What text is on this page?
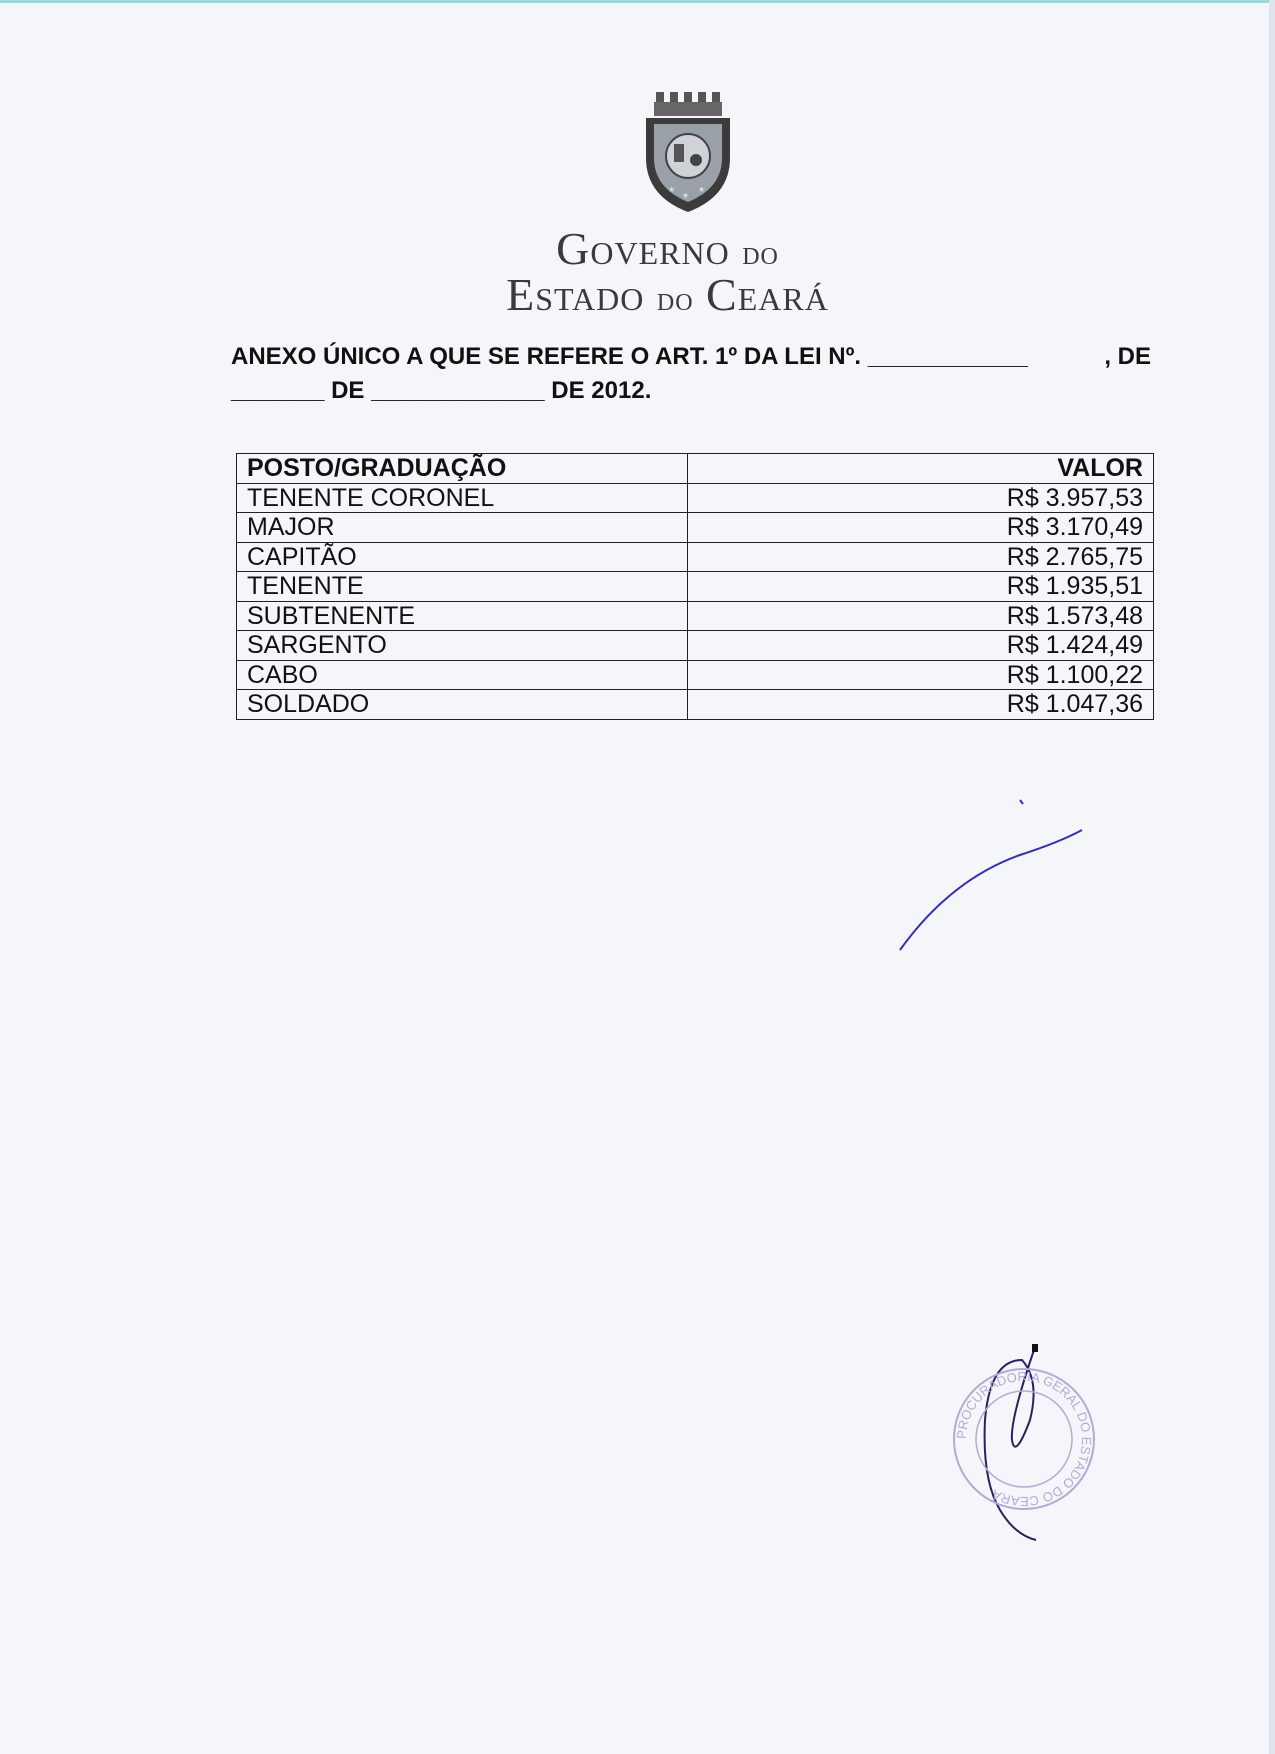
★
★
★
Governo do
Estado do Ceará
ANEXO ÚNICO A QUE SE REFERE O ART. 1º DA LEI Nº. ____________	, DE
_______ DE _____________ DE 2012.
POSTO/GRADUAÇÃO	VALOR
TENENTE CORONEL	R$ 3.957,53
MAJOR	R$ 3.170,49
CAPITÃO	R$ 2.765,75
TENENTE	R$ 1.935,51
SUBTENENTE	R$ 1.573,48
SARGENTO	R$ 1.424,49
CABO	R$ 1.100,22
SOLDADO	R$ 1.047,36
PROCURADORIA GERAL DO ESTADO DO CEARÁ
